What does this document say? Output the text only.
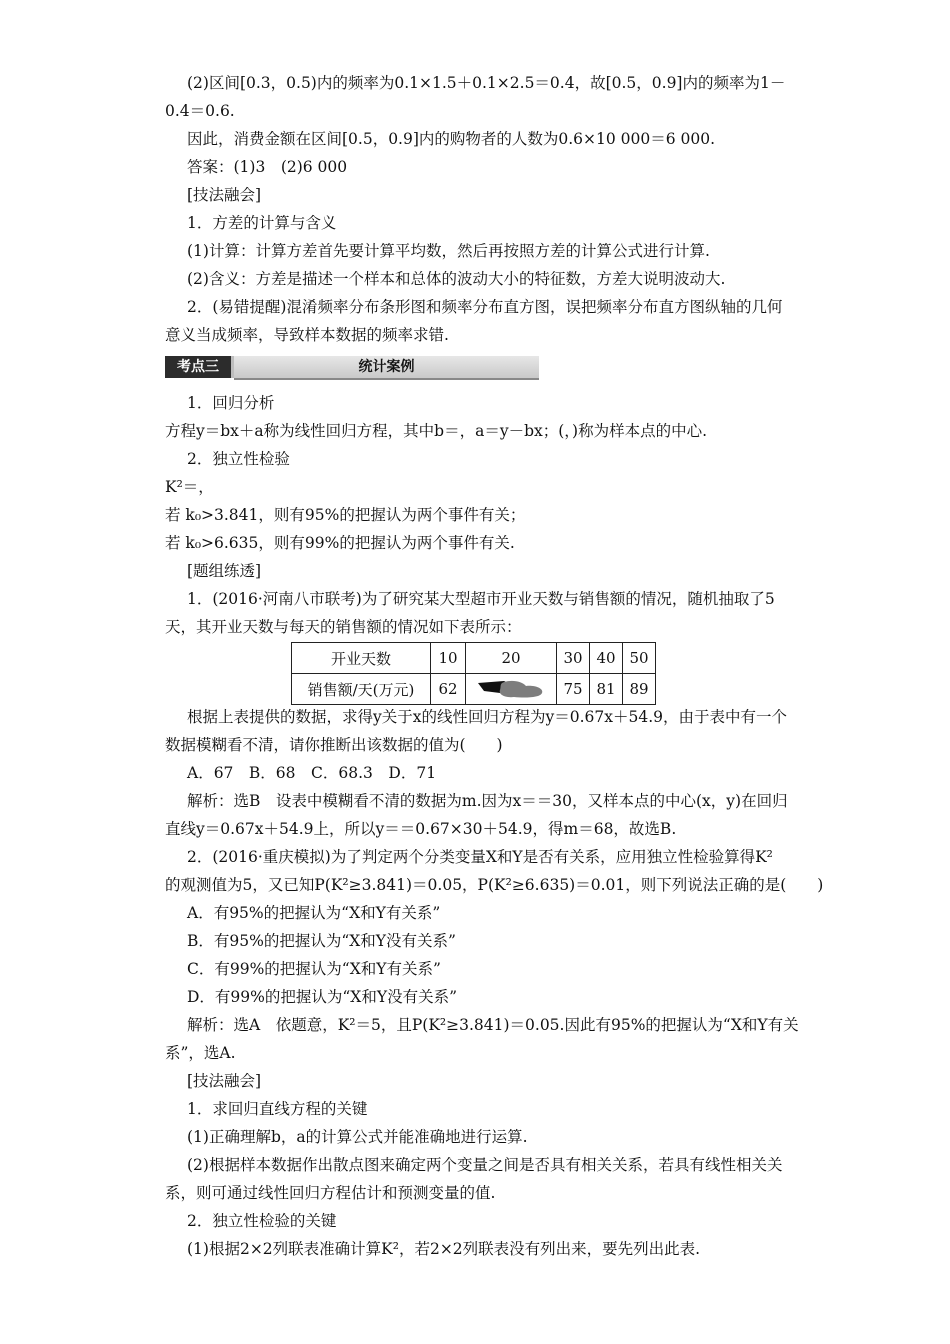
(2)区间[0.3，0.5)内的频率为0.1×1.5＋0.1×2.5＝0.4，故[0.5，0.9]内的频率为1－
0.4＝0.6.
因此，消费金额在区间[0.5，0.9]内的购物者的人数为0.6×10 000＝6 000.
答案：(1)3　(2)6 000
[技法融会]
1．方差的计算与含义
(1)计算：计算方差首先要计算平均数，然后再按照方差的计算公式进行计算.
(2)含义：方差是描述一个样本和总体的波动大小的特征数，方差大说明波动大.
2．(易错提醒)混淆频率分布条形图和频率分布直方图，误把频率分布直方图纵轴的几何
意义当成频率，导致样本数据的频率求错.
考点三	统计案例
1．回归分析
方程y＝bx＋a称为线性回归方程，其中b＝，a＝y－bx；(，)称为样本点的中心.
2．独立性检验
K²＝，
若 k₀>3.841，则有95%的把握认为两个事件有关；
若 k₀>6.635，则有99%的把握认为两个事件有关.
[题组练透]
1．(2016·河南八市联考)为了研究某大型超市开业天数与销售额的情况，随机抽取了5
天，其开业天数与每天的销售额的情况如下表所示：
开业天数	10	20	30	40	50
销售额/天(万元)	62		75	81	89
根据上表提供的数据，求得y关于x的线性回归方程为y＝0.67x＋54.9，由于表中有一个
数据模糊看不清，请你推断出该数据的值为(　　)
A．67　B．68　C．68.3　D．71
解析：选B　设表中模糊看不清的数据为m.因为x＝＝30，又样本点的中心(x，y)在回归
直线y＝0.67x＋54.9上，所以y＝＝0.67×30＋54.9，得m＝68，故选B.
2．(2016·重庆模拟)为了判定两个分类变量X和Y是否有关系，应用独立性检验算得K²
的观测值为5，又已知P(K²≥3.841)＝0.05，P(K²≥6.635)＝0.01，则下列说法正确的是(　　)
A．有95%的把握认为“X和Y有关系”
B．有95%的把握认为“X和Y没有关系”
C．有99%的把握认为“X和Y有关系”
D．有99%的把握认为“X和Y没有关系”
解析：选A　依题意，K²＝5，且P(K²≥3.841)＝0.05.因此有95%的把握认为“X和Y有关
系”，选A.
[技法融会]
1．求回归直线方程的关键
(1)正确理解b，a的计算公式并能准确地进行运算.
(2)根据样本数据作出散点图来确定两个变量之间是否具有相关关系，若具有线性相关关
系，则可通过线性回归方程估计和预测变量的值.
2．独立性检验的关键
(1)根据2×2列联表准确计算K²，若2×2列联表没有列出来，要先列出此表.
